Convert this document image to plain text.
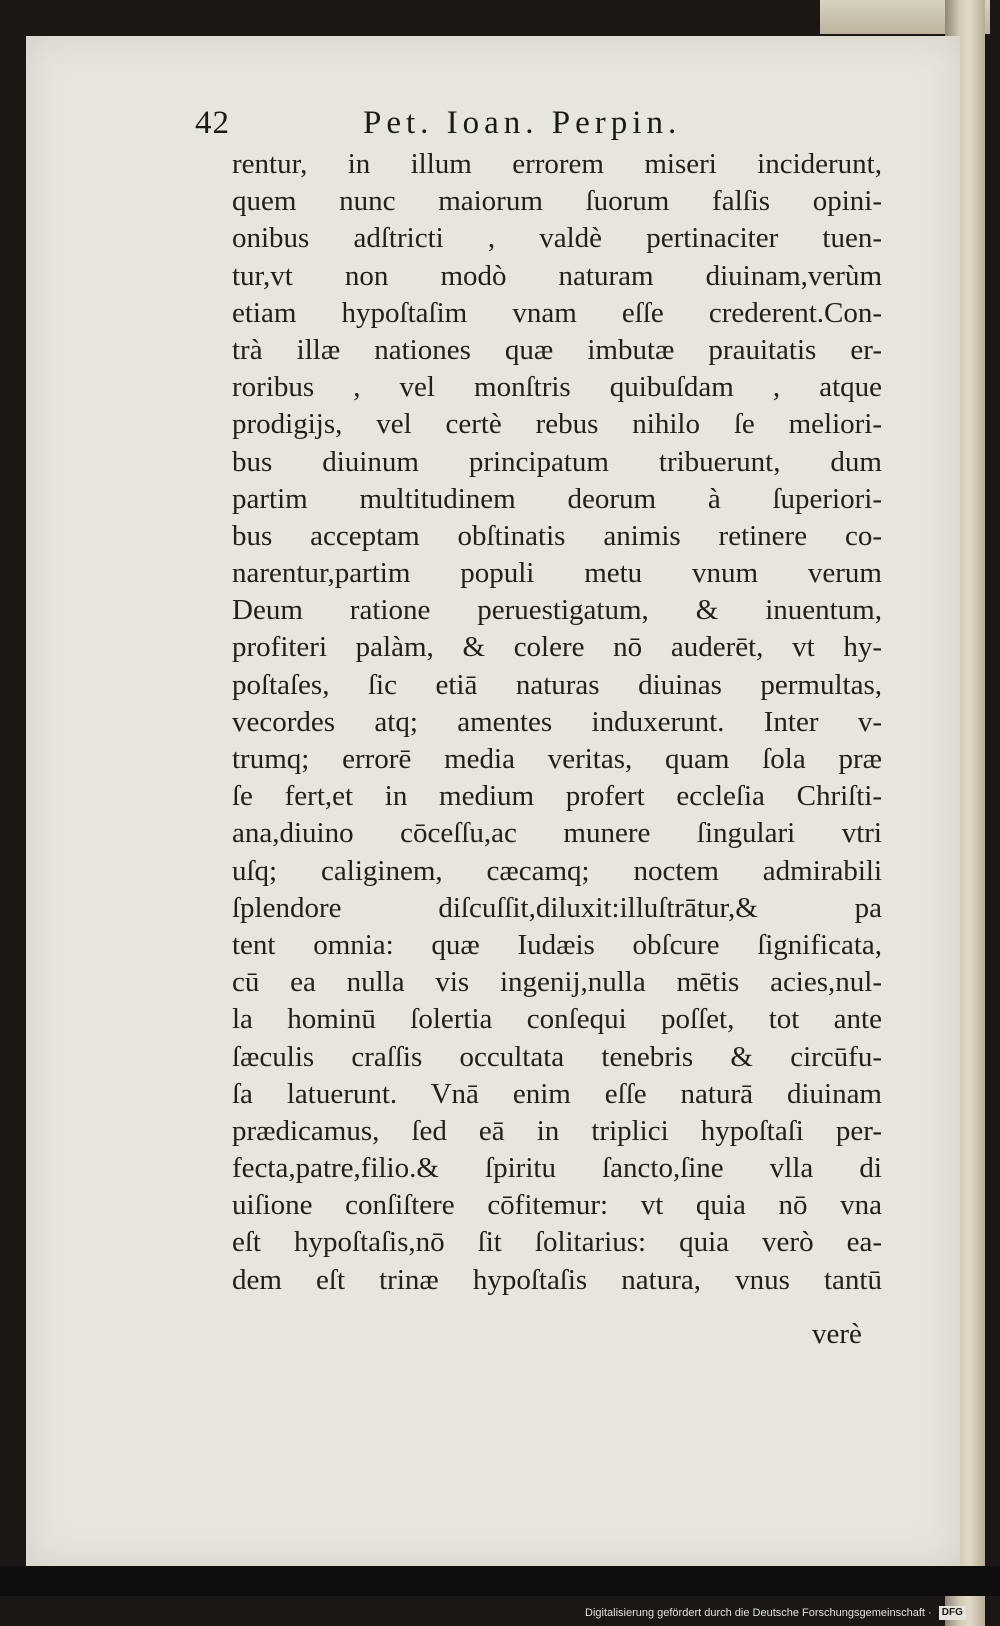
42	Pet. Ioan. Perpin.
rentur, in illum errorem miseri inciderunt,
quem nunc maiorum ſuorum falſis opini-
onibus adſtricti , valdè pertinaciter tuen-
tur,vt non modò naturam diuinam,verùm
etiam hypoſtaſim vnam eſſe crederent.Con-
trà illæ nationes quæ imbutæ prauitatis er-
roribus , vel monſtris quibuſdam , atque
prodigijs, vel certè rebus nihilo ſe meliori-
bus diuinum principatum tribuerunt, dum
partim multitudinem deorum à ſuperiori-
bus acceptam obſtinatis animis retinere co-
narentur,partim populi metu vnum verum
Deum ratione peruestigatum, & inuentum,
profiteri palàm, & colere nō auderēt, vt hy-
poſtaſes, ſic etiā naturas diuinas permultas,
vecordes atq; amentes induxerunt. Inter v-
trumq; errorē media veritas, quam ſola præ
ſe fert,et in medium profert eccleſia Chriſti-
ana,diuino cōceſſu,ac munere ſingulari vtri
uſq; caliginem, cæcamq; noctem admirabili
ſplendore diſcuſſit,diluxit:illuſtrātur,& pa
tent omnia: quæ Iudæis obſcure ſignificata,
cū ea nulla vis ingenij,nulla mētis acies,nul-
la hominū ſolertia conſequi poſſet, tot ante
ſæculis craſſis occultata tenebris & circūfu-
ſa latuerunt. Vnā enim eſſe naturā diuinam
prædicamus, ſed eā in triplici hypoſtaſi per-
fecta,patre,filio.& ſpiritu ſancto,ſine vlla di
uiſione conſiſtere cōfitemur: vt quia nō vna
eſt hypoſtaſis,nō ſit ſolitarius: quia verò ea-
dem eſt trinæ hypoſtaſis natura, vnus tantū
verè
Digitalisierung gefördert durch die Deutsche Forschungsgemeinschaft · DFG
